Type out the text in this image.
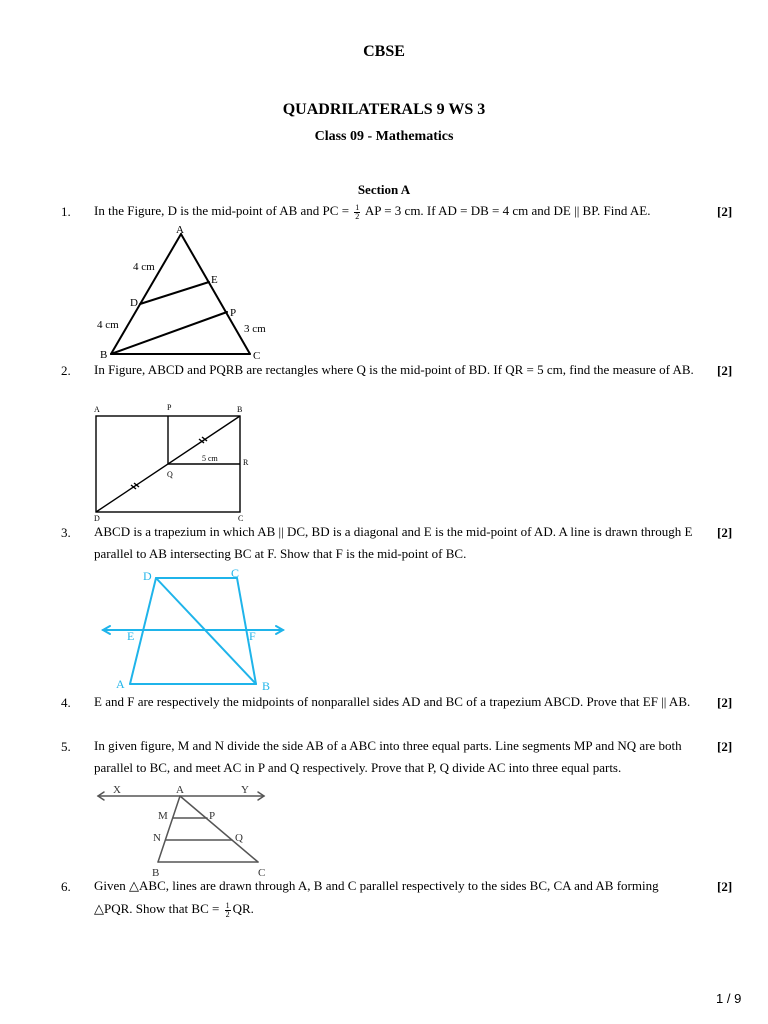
CBSE
QUADRILATERALS 9 WS 3
Class 09 - Mathematics
Section A
1. In the Figure, D is the mid-point of AB and PC = $\frac{1}{2}$ AP = 3 cm. If AD = DB = 4 cm and DE || BP. Find AE.	[2]
A
B	C
D
E
P
4 cm
4 cm	3 cm
2. In Figure, ABCD and PQRB are rectangles where Q is the mid-point of BD. If QR = 5 cm, find the measure of AB.	[2]
A	P	B
Q
R
5 cm
D	C
3. ABCD is a trapezium in which AB || DC, BD is a diagonal and E is the mid-point of AD. A line is drawn through E parallel to AB intersecting BC at F. Show that F is the mid-point of BC.
[2]
D	C
E	F
A	B
4. E and F are respectively the midpoints of nonparallel sides AD and BC of a trapezium ABCD. Prove that EF || AB.	[2]
5. In given figure, M and N divide the side AB of a ABC into three equal parts. Line segments MP and NQ are both parallel to BC, and meet AC in P and Q respectively. Prove that P, Q divide AC into three equal parts.
[2]
X	A	Y
M	P
N	Q
B	C
6. Given △ABC, lines are drawn through A, B and C parallel respectively to the sides BC, CA and AB forming △PQR. Show that BC = $\frac{1}{2}$ QR.
[2]
1 / 9
